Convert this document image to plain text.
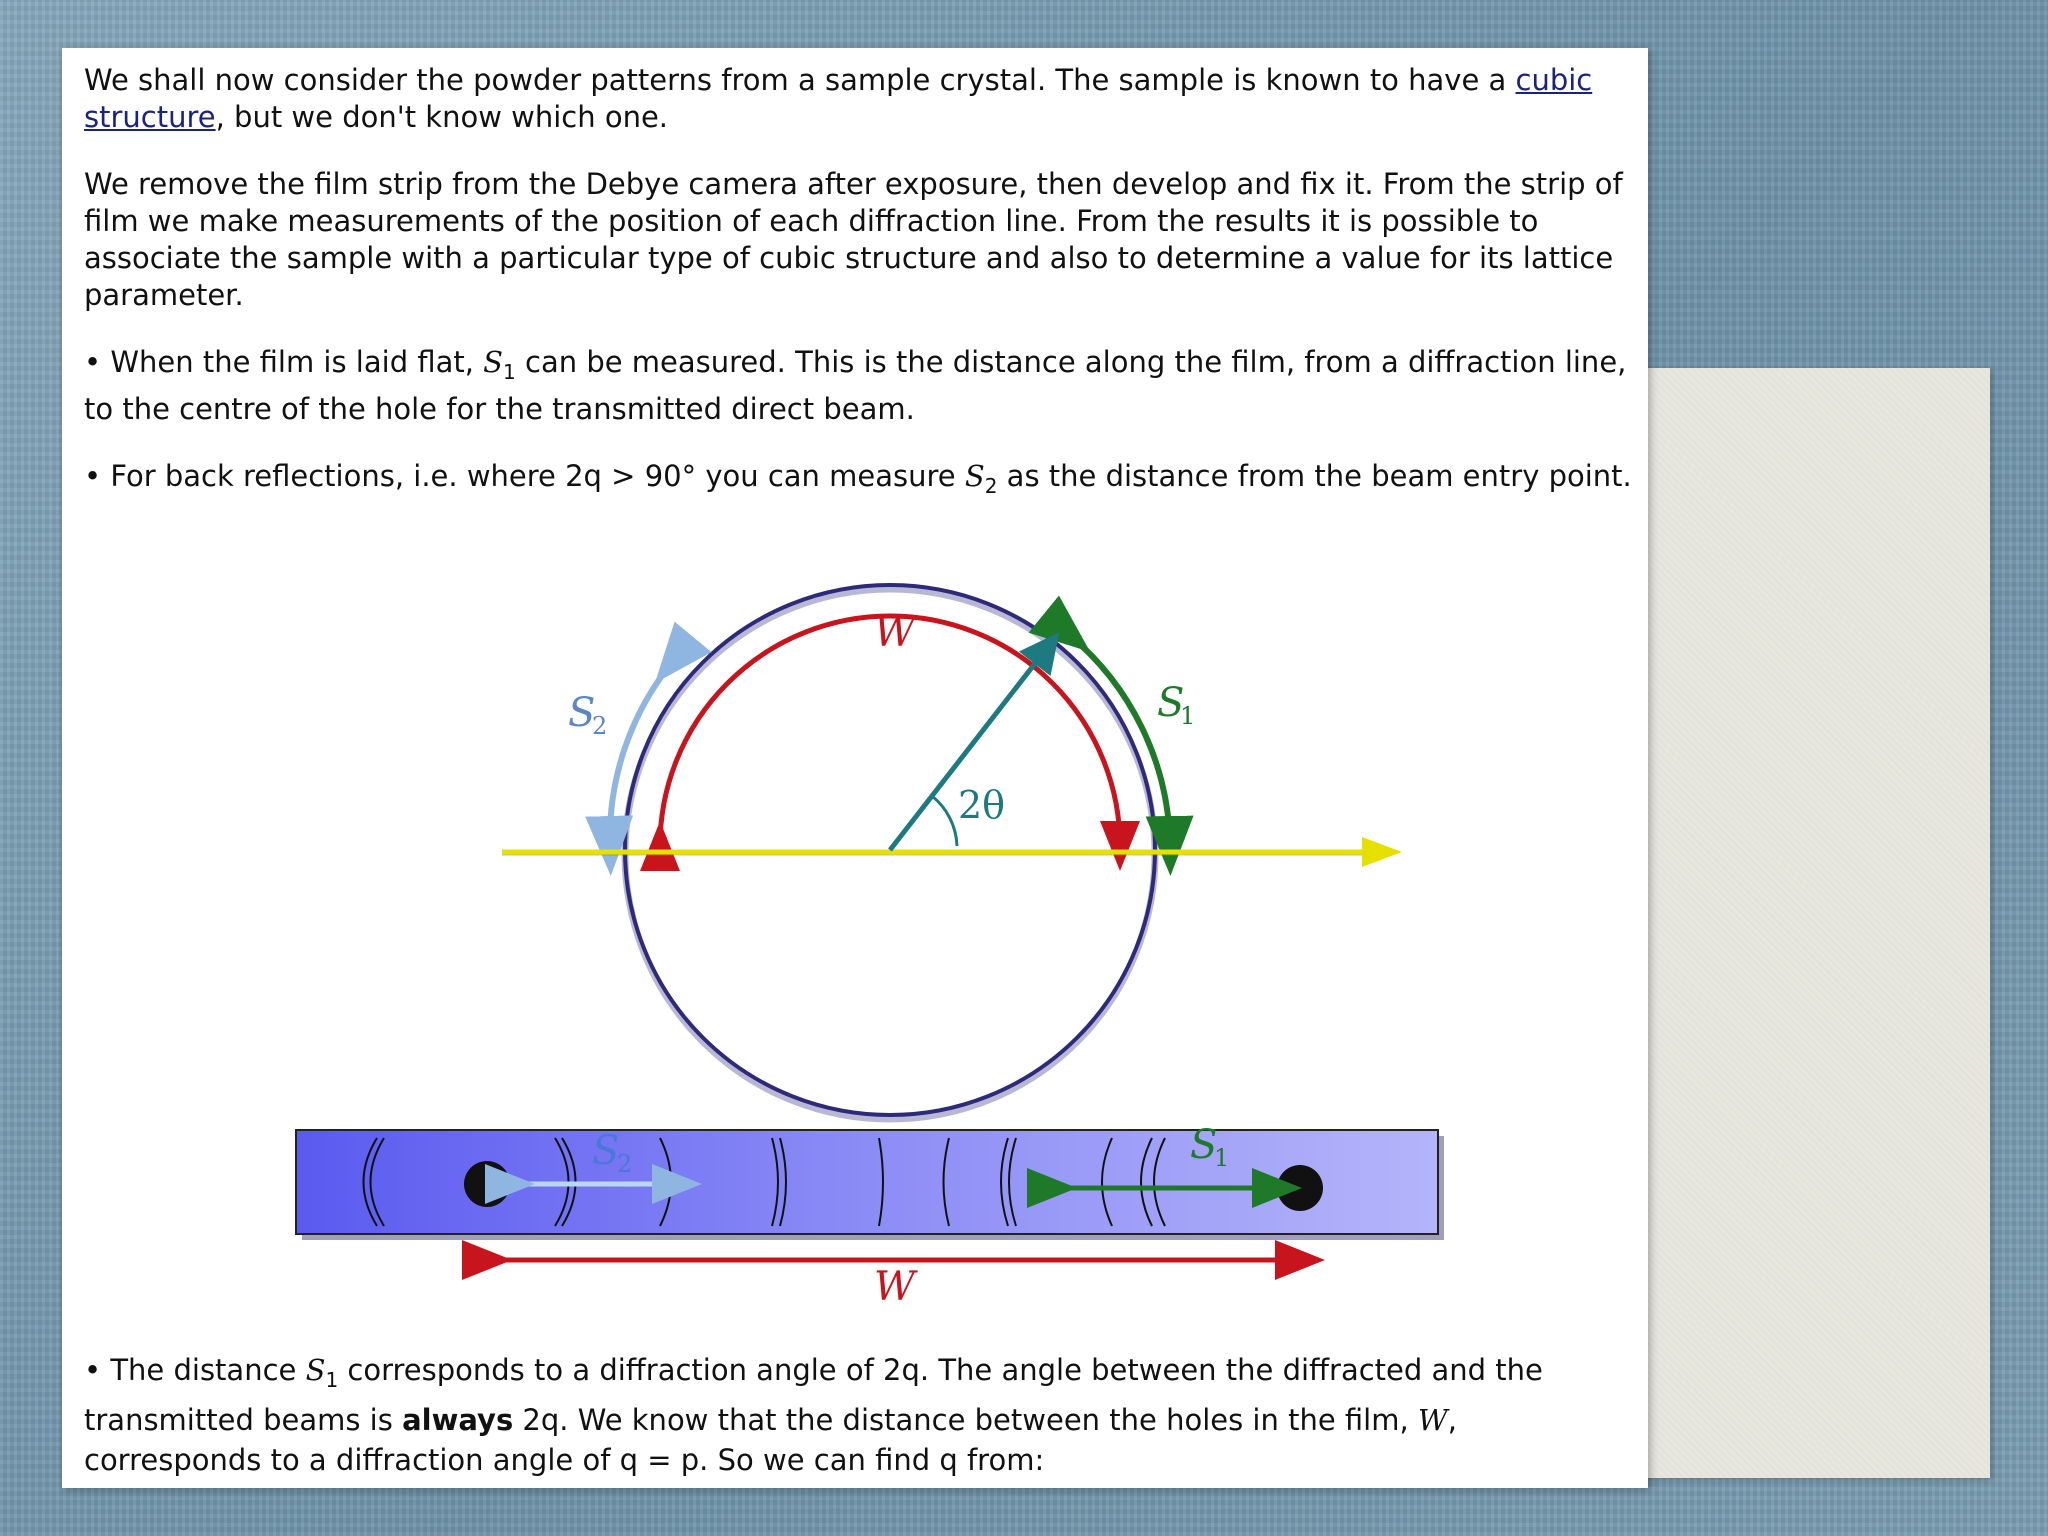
We shall now consider the powder patterns from a sample crystal. The sample is known to have a cubic structure, but we don't know which one.

We remove the film strip from the Debye camera after exposure, then develop and fix it. From the strip of film we make measurements of the position of each diffraction line. From the results it is possible to associate the sample with a particular type of cubic structure and also to determine a value for its lattice parameter.

• When the film is laid flat, $S_1$ can be measured. This is the distance along the film, from a diffraction line, to the centre of the hole for the transmitted direct beam.

• For back reflections, i.e. where 2q > 90° you can measure $S_2$ as the distance from the beam entry point.

W
S
1
S
2
2θ
S
2	S
1
W

• The distance $S_1$ corresponds to a diffraction angle of 2q. The angle between the diffracted and the transmitted beams is always 2q. We know that the distance between the holes in the film, W,

corresponds to a diffraction angle of q = p. So we can find q from:
